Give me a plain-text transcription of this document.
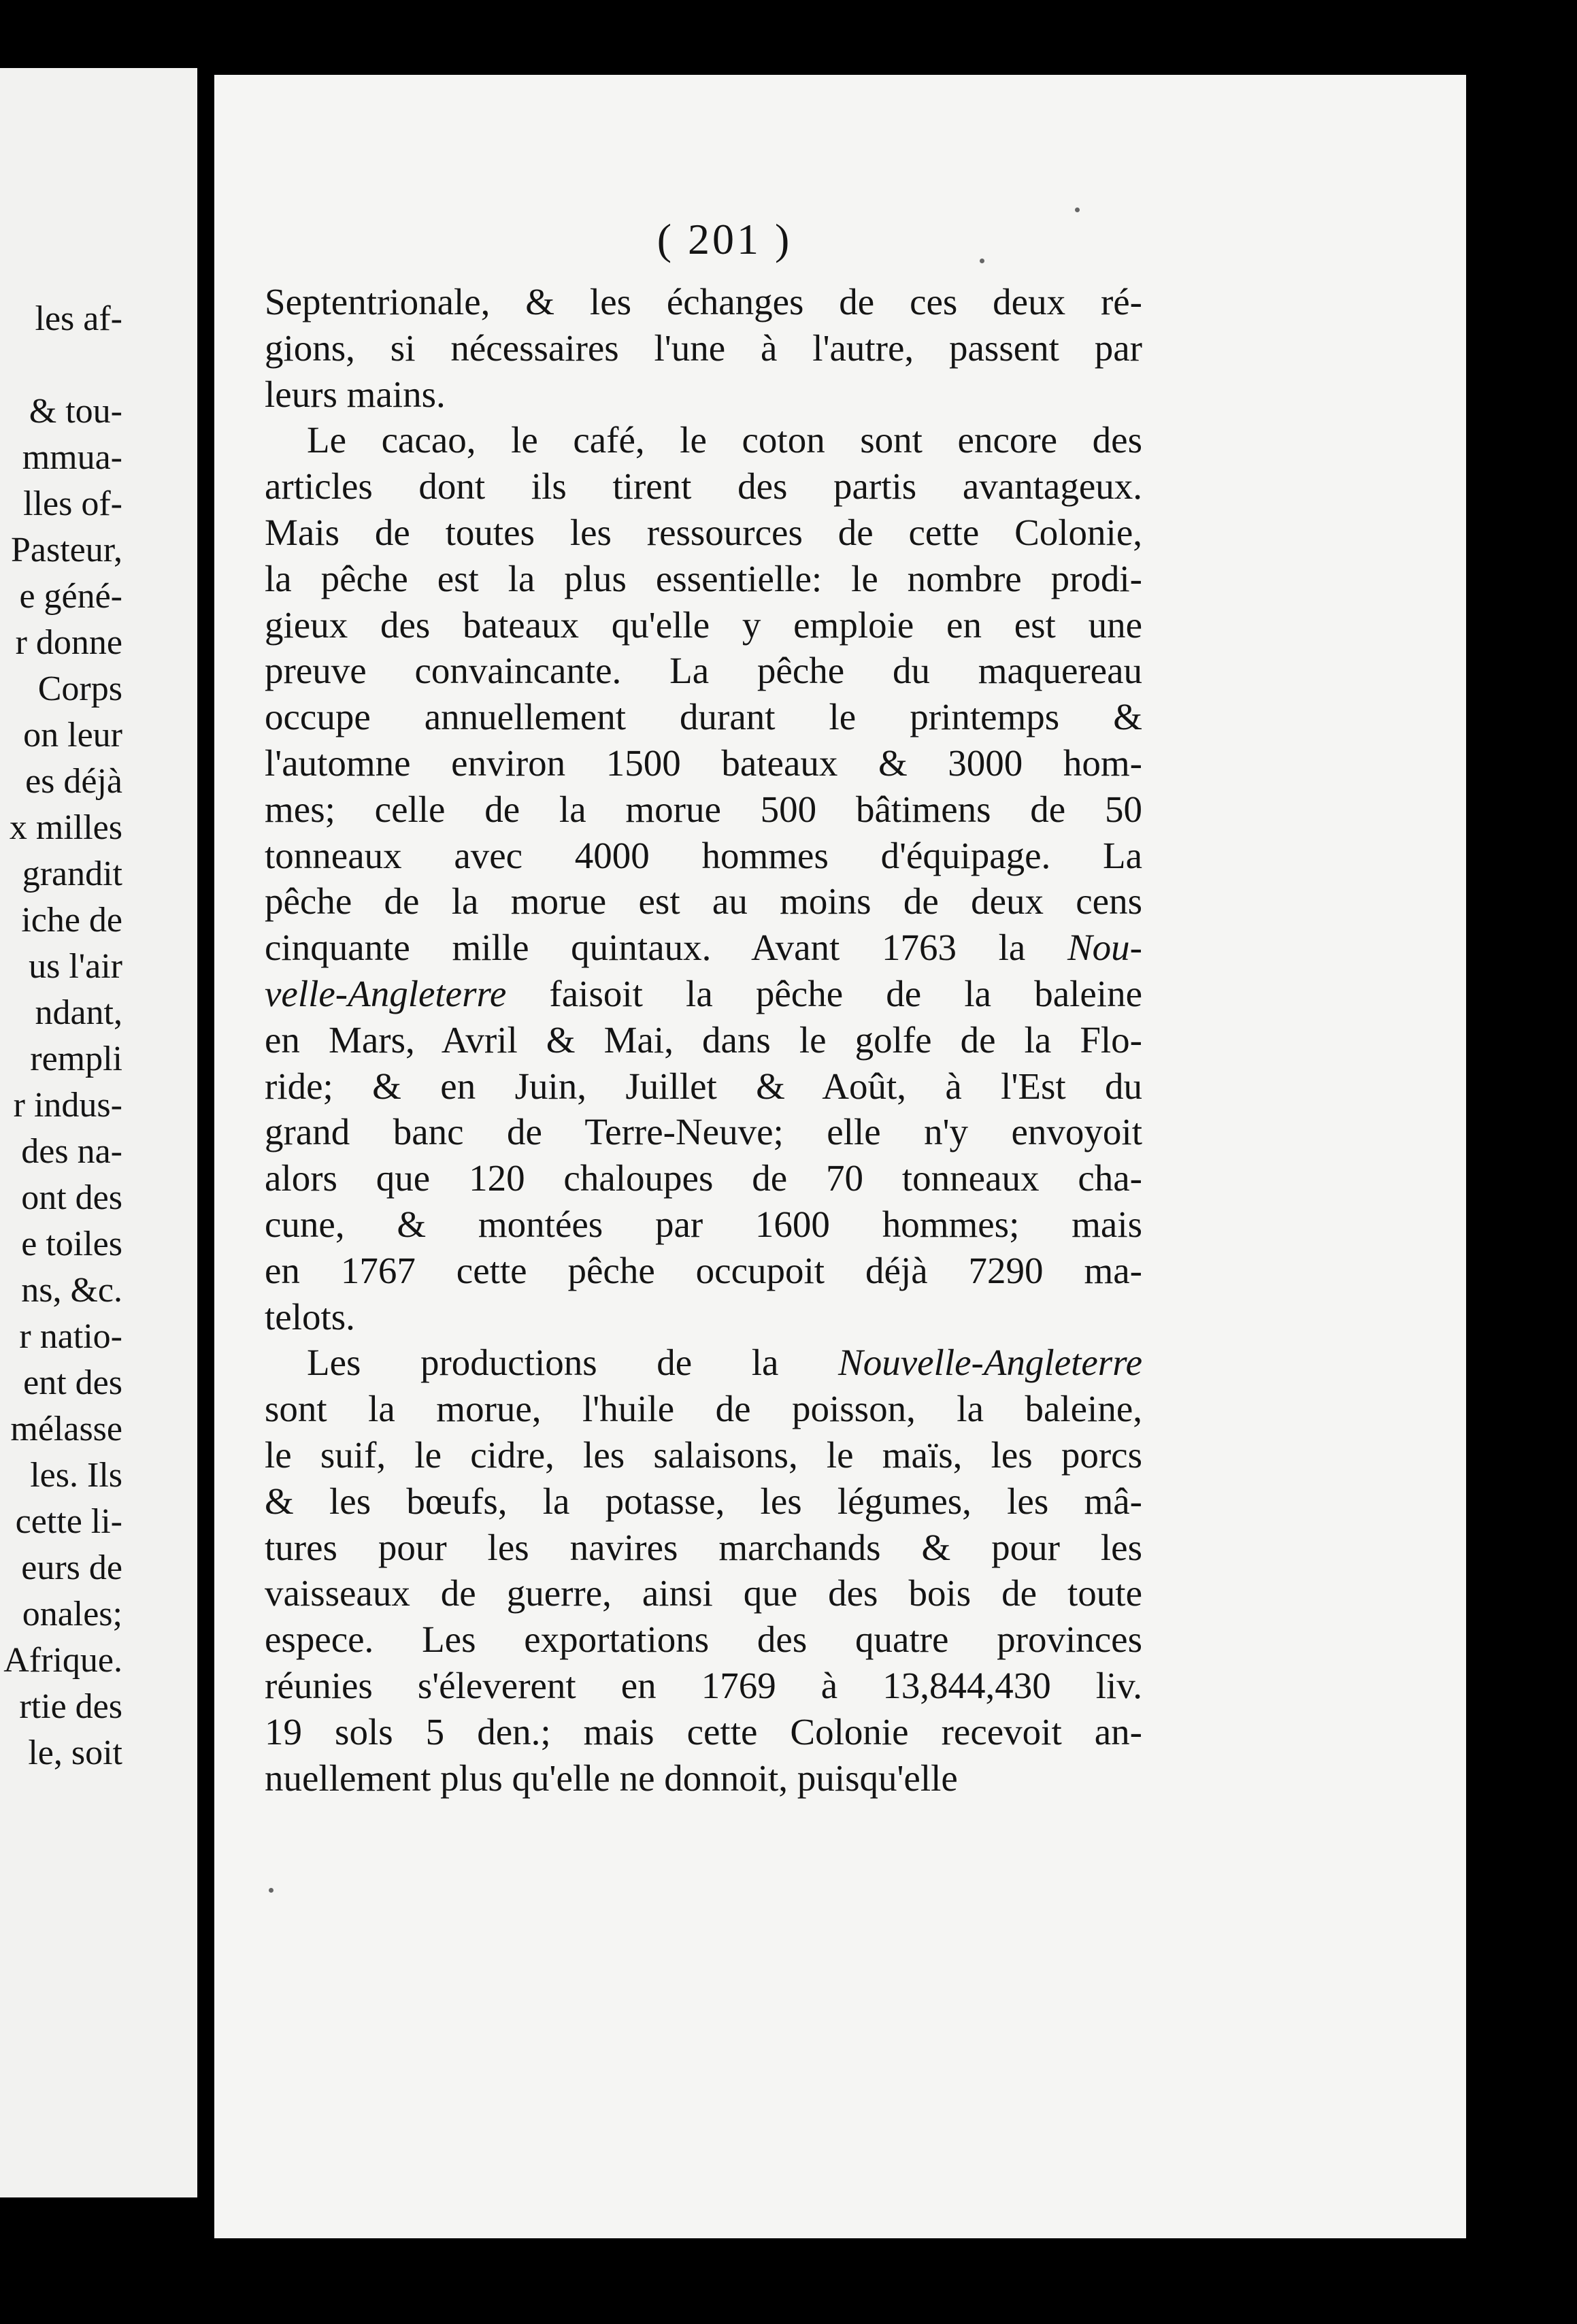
les af-
& tou-
mmua-
lles of-
Pasteur,
e géné-
r donne
Corps
on leur
es déjà
x milles
grandit
iche de
us l'air
ndant,
rempli
r indus-
des na-
ont des
e toiles
ns, &c.
r natio-
ent des
mélasse
les. Ils
cette li-
eurs de
onales;
Afrique.
rtie des
le, soit
( 201 )
Septentrionale, & les échanges de ces deux ré-
gions, si nécessaires l'une à l'autre, passent par
leurs mains.
Le cacao, le café, le coton sont encore des
articles dont ils tirent des partis avantageux.
Mais de toutes les ressources de cette Colonie,
la pêche est la plus essentielle: le nombre prodi-
gieux des bateaux qu'elle y emploie en est une
preuve convaincante. La pêche du maquereau
occupe annuellement durant le printemps &
l'automne environ 1500 bateaux & 3000 hom-
mes; celle de la morue 500 bâtimens de 50
tonneaux avec 4000 hommes d'équipage. La
pêche de la morue est au moins de deux cens
cinquante mille quintaux. Avant 1763 la Nou-
velle-Angleterre faisoit la pêche de la baleine
en Mars, Avril & Mai, dans le golfe de la Flo-
ride; & en Juin, Juillet & Août, à l'Est du
grand banc de Terre-Neuve; elle n'y envoyoit
alors que 120 chaloupes de 70 tonneaux cha-
cune, & montées par 1600 hommes; mais
en 1767 cette pêche occupoit déjà 7290 ma-
telots.
Les productions de la Nouvelle-Angleterre
sont la morue, l'huile de poisson, la baleine,
le suif, le cidre, les salaisons, le maïs, les porcs
& les bœufs, la potasse, les légumes, les mâ-
tures pour les navires marchands & pour les
vaisseaux de guerre, ainsi que des bois de toute
espece. Les exportations des quatre provinces
réunies s'éleverent en 1769 à 13,844,430 liv.
19 sols 5 den.; mais cette Colonie recevoit an-
nuellement plus qu'elle ne donnoit, puisqu'elle
